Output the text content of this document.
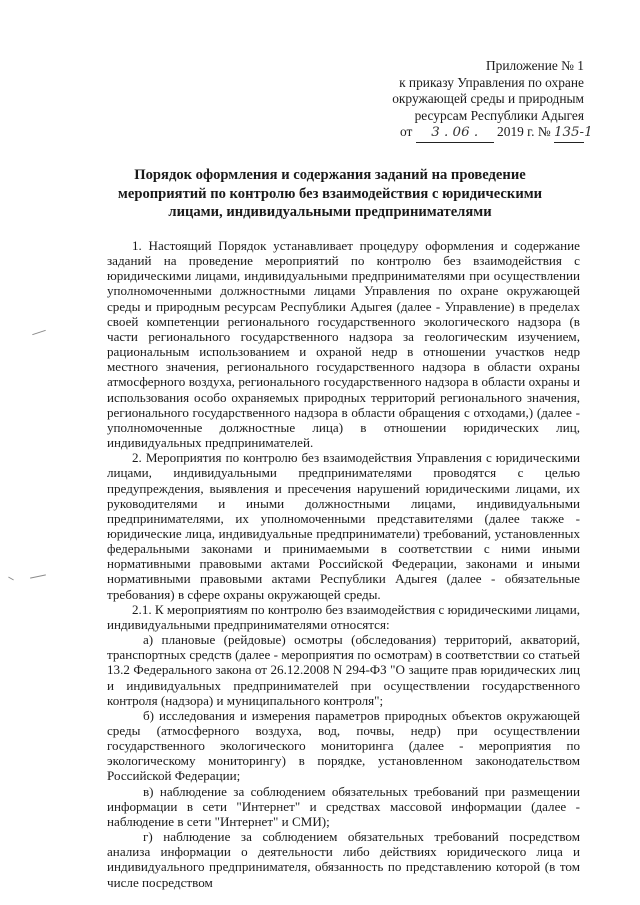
Приложение № 1
к приказу Управления по охране
окружающей среды и природным
ресурсам Республики Адыгея
от 3 . 06 . 2019 г. № 135-1
Порядок оформления и содержания заданий на проведение мероприятий по контролю без взаимодействия с юридическими лицами, индивидуальными предпринимателями

1. Настоящий Порядок устанавливает процедуру оформления и содержание заданий на проведение мероприятий по контролю без взаимодействия с юридическими лицами, индивидуальными предпринимателями при осуществлении уполномоченными должностными лицами Управления по охране окружающей среды и природным ресурсам Республики Адыгея (далее - Управление) в пределах своей компетенции регионального государственного экологического надзора (в части регионального государственного надзора за геологическим изучением, рациональным использованием и охраной недр в отношении участков недр местного значения, регионального государственного надзора в области охраны атмосферного воздуха, регионального государственного надзора в области охраны и использования особо охраняемых природных территорий регионального значения, регионального государственного надзора в области обращения с отходами,) (далее - уполномоченные должностные лица) в отношении юридических лиц, индивидуальных предпринимателей.

2. Мероприятия по контролю без взаимодействия Управления с юридическими лицами, индивидуальными предпринимателями проводятся с целью предупреждения, выявления и пресечения нарушений юридическими лицами, их руководителями и иными должностными лицами, индивидуальными предпринимателями, их уполномоченными представителями (далее также - юридические лица, индивидуальные предприниматели) требований, установленных федеральными законами и принимаемыми в соответствии с ними иными нормативными правовыми актами Российской Федерации, законами и иными нормативными правовыми актами Республики Адыгея (далее - обязательные требования) в сфере охраны окружающей среды.

2.1. К мероприятиям по контролю без взаимодействия с юридическими лицами, индивидуальными предпринимателями относятся:

а) плановые (рейдовые) осмотры (обследования) территорий, акваторий, транспортных средств (далее - мероприятия по осмотрам) в соответствии со статьей 13.2 Федерального закона от 26.12.2008 N 294-ФЗ "О защите прав юридических лиц и индивидуальных предпринимателей при осуществлении государственного контроля (надзора) и муниципального контроля";

б) исследования и измерения параметров природных объектов окружающей среды (атмосферного воздуха, вод, почвы, недр) при осуществлении государственного экологического мониторинга (далее - мероприятия по экологическому мониторингу) в порядке, установленном законодательством Российской Федерации;

в) наблюдение за соблюдением обязательных требований при размещении информации в сети "Интернет" и средствах массовой информации (далее - наблюдение в сети "Интернет" и СМИ);

г) наблюдение за соблюдением обязательных требований посредством анализа информации о деятельности либо действиях юридического лица и индивидуального предпринимателя, обязанность по представлению которой (в том числе посредством
